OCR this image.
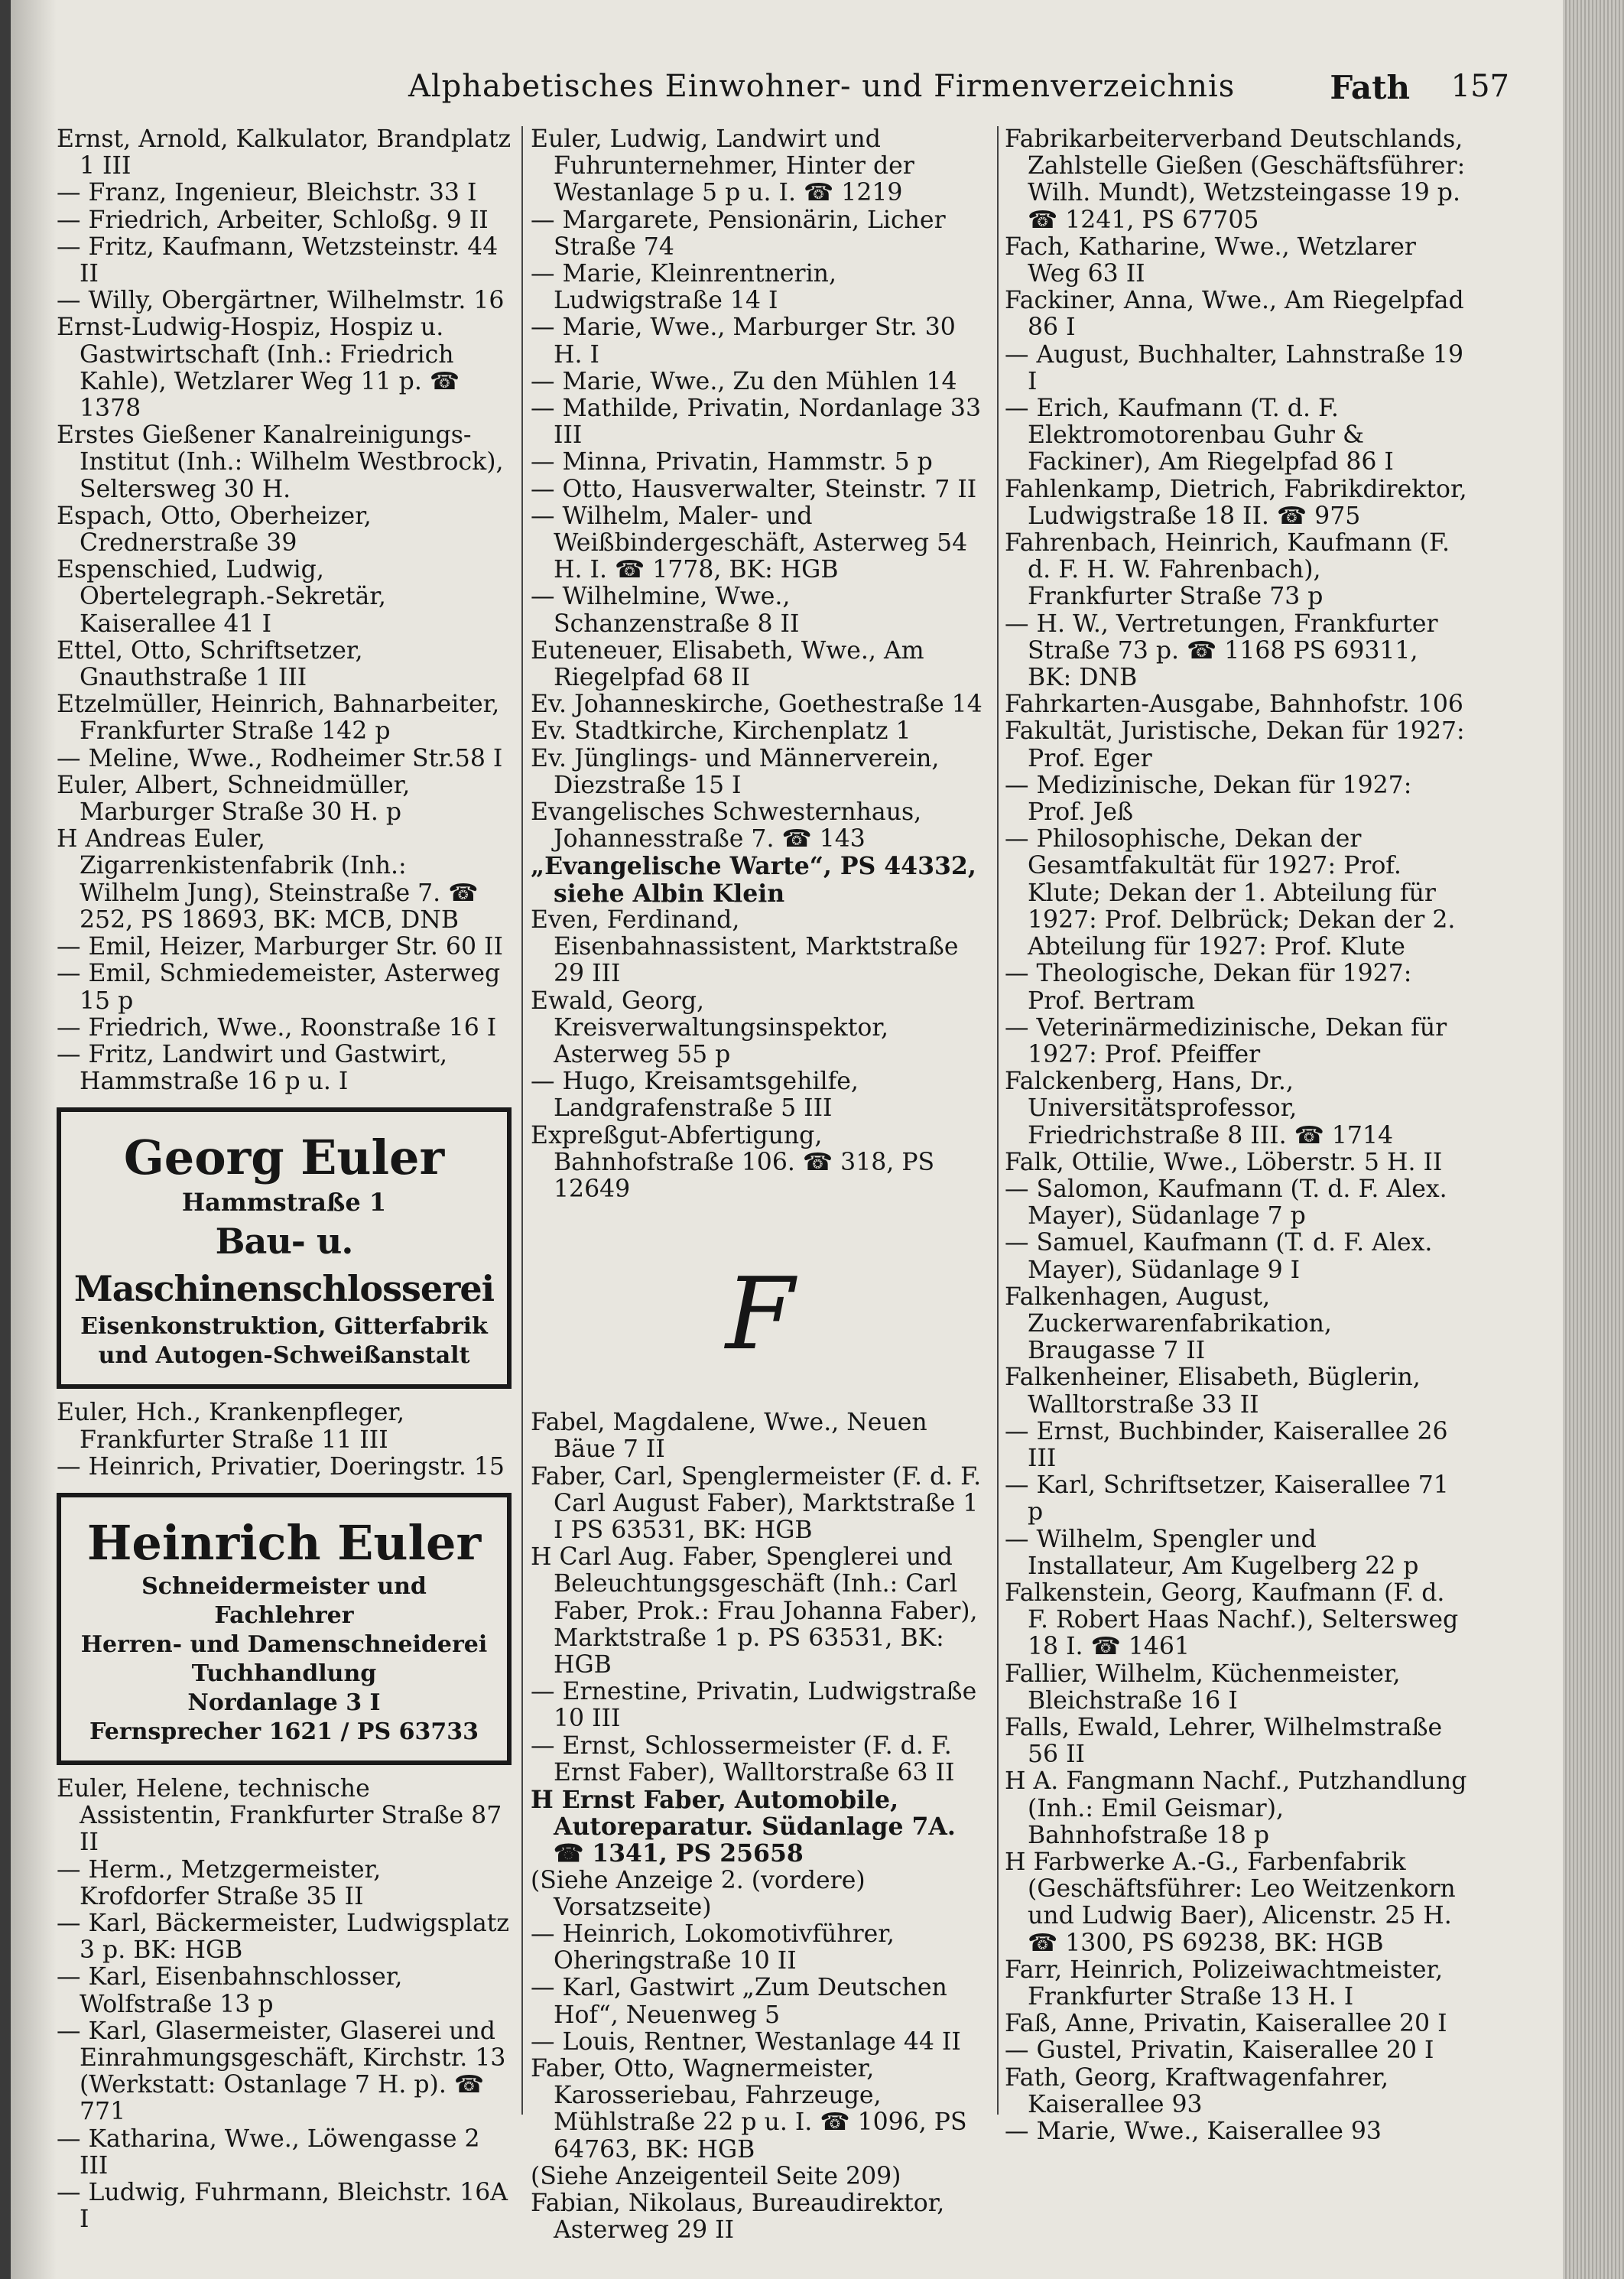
Alphabetisches Einwohner- und Firmenverzeichnis	Fath 157

Ernst, Arnold, Kalkulator, Brandplatz 1 III

— Franz, Ingenieur, Bleichstr. 33 I

— Friedrich, Arbeiter, Schloßg. 9 II

— Fritz, Kaufmann, Wetzsteinstr. 44 II

— Willy, Obergärtner, Wilhelmstr. 16

Ernst-Ludwig-Hospiz, Hospiz u. Gastwirtschaft (Inh.: Friedrich Kahle), Wetzlarer Weg 11 p. ☎ 1378

Erstes Gießener Kanalreinigungs-Institut (Inh.: Wilhelm Westbrock), Seltersweg 30 H.

Espach, Otto, Oberheizer, Crednerstraße 39

Espenschied, Ludwig, Obertelegraph.-Sekretär, Kaiserallee 41 I

Ettel, Otto, Schriftsetzer, Gnauthstraße 1 III

Etzelmüller, Heinrich, Bahnarbeiter, Frankfurter Straße 142 p

— Meline, Wwe., Rodheimer Str.58 I

Euler, Albert, Schneidmüller, Marburger Straße 30 H. p

H Andreas Euler, Zigarrenkistenfabrik (Inh.: Wilhelm Jung), Steinstraße 7. ☎ 252, PS 18693, BK: MCB, DNB

— Emil, Heizer, Marburger Str. 60 II

— Emil, Schmiedemeister, Asterweg 15 p

— Friedrich, Wwe., Roonstraße 16 I

— Fritz, Landwirt und Gastwirt, Hammstraße 16 p u. I

Georg Euler
Hammstraße 1
Bau- u. Maschinenschlosserei
Eisenkonstruktion, Gitterfabrik
und Autogen-Schweißanstalt

Euler, Hch., Krankenpfleger, Frankfurter Straße 11 III

— Heinrich, Privatier, Doeringstr. 15

Heinrich Euler
Schneidermeister und Fachlehrer
Herren- und Damenschneiderei
Tuchhandlung
Nordanlage 3 I
Fernsprecher 1621 / PS 63733

Euler, Helene, technische Assistentin, Frankfurter Straße 87 II

— Herm., Metzgermeister, Krofdorfer Straße 35 II

— Karl, Bäckermeister, Ludwigsplatz 3 p. BK: HGB

— Karl, Eisenbahnschlosser, Wolfstraße 13 p

— Karl, Glasermeister, Glaserei und Einrahmungsgeschäft, Kirchstr. 13 (Werkstatt: Ostanlage 7 H. p). ☎ 771

— Katharina, Wwe., Löwengasse 2 III

— Ludwig, Fuhrmann, Bleichstr. 16A I

Euler, Ludwig, Landwirt und Fuhrunternehmer, Hinter der Westanlage 5 p u. I. ☎ 1219

— Margarete, Pensionärin, Licher Straße 74

— Marie, Kleinrentnerin, Ludwigstraße 14 I

— Marie, Wwe., Marburger Str. 30 H. I

— Marie, Wwe., Zu den Mühlen 14

— Mathilde, Privatin, Nordanlage 33 III

— Minna, Privatin, Hammstr. 5 p

— Otto, Hausverwalter, Steinstr. 7 II

— Wilhelm, Maler- und Weißbindergeschäft, Asterweg 54 H. I. ☎ 1778, BK: HGB

— Wilhelmine, Wwe., Schanzenstraße 8 II

Euteneuer, Elisabeth, Wwe., Am Riegelpfad 68 II

Ev. Johanneskirche, Goethestraße 14

Ev. Stadtkirche, Kirchenplatz 1

Ev. Jünglings- und Männerverein, Diezstraße 15 I

Evangelisches Schwesternhaus, Johannesstraße 7. ☎ 143

„Evangelische Warte“, PS 44332, siehe Albin Klein

Even, Ferdinand, Eisenbahnassistent, Marktstraße 29 III

Ewald, Georg, Kreisverwaltungsinspektor, Asterweg 55 p

— Hugo, Kreisamtsgehilfe, Landgrafenstraße 5 III

Expreßgut-Abfertigung, Bahnhofstraße 106. ☎ 318, PS 12649

F

Fabel, Magdalene, Wwe., Neuen Bäue 7 II

Faber, Carl, Spenglermeister (F. d. F. Carl August Faber), Marktstraße 1 I PS 63531, BK: HGB

H Carl Aug. Faber, Spenglerei und Beleuchtungsgeschäft (Inh.: Carl Faber, Prok.: Frau Johanna Faber), Marktstraße 1 p. PS 63531, BK: HGB

— Ernestine, Privatin, Ludwigstraße 10 III

— Ernst, Schlossermeister (F. d. F. Ernst Faber), Walltorstraße 63 II

H Ernst Faber, Automobile, Autoreparatur. Südanlage 7A. ☎ 1341, PS 25658

(Siehe Anzeige 2. (vordere) Vorsatzseite)

— Heinrich, Lokomotivführer, Oheringstraße 10 II

— Karl, Gastwirt „Zum Deutschen Hof“, Neuenweg 5

— Louis, Rentner, Westanlage 44 II

Faber, Otto, Wagnermeister, Karosseriebau, Fahrzeuge, Mühlstraße 22 p u. I. ☎ 1096, PS 64763, BK: HGB

(Siehe Anzeigenteil Seite 209)

Fabian, Nikolaus, Bureaudirektor, Asterweg 29 II

Fabrikarbeiterverband Deutschlands, Zahlstelle Gießen (Geschäftsführer: Wilh. Mundt), Wetzsteingasse 19 p. ☎ 1241, PS 67705

Fach, Katharine, Wwe., Wetzlarer Weg 63 II

Fackiner, Anna, Wwe., Am Riegelpfad 86 I

— August, Buchhalter, Lahnstraße 19 I

— Erich, Kaufmann (T. d. F. Elektromotorenbau Guhr & Fackiner), Am Riegelpfad 86 I

Fahlenkamp, Dietrich, Fabrikdirektor, Ludwigstraße 18 II. ☎ 975

Fahrenbach, Heinrich, Kaufmann (F. d. F. H. W. Fahrenbach), Frankfurter Straße 73 p

— H. W., Vertretungen, Frankfurter Straße 73 p. ☎ 1168 PS 69311, BK: DNB

Fahrkarten-Ausgabe, Bahnhofstr. 106

Fakultät, Juristische, Dekan für 1927: Prof. Eger

— Medizinische, Dekan für 1927: Prof. Jeß

— Philosophische, Dekan der Gesamtfakultät für 1927: Prof. Klute; Dekan der 1. Abteilung für 1927: Prof. Delbrück; Dekan der 2. Abteilung für 1927: Prof. Klute

— Theologische, Dekan für 1927: Prof. Bertram

— Veterinärmedizinische, Dekan für 1927: Prof. Pfeiffer

Falckenberg, Hans, Dr., Universitätsprofessor, Friedrichstraße 8 III. ☎ 1714

Falk, Ottilie, Wwe., Löberstr. 5 H. II

— Salomon, Kaufmann (T. d. F. Alex. Mayer), Südanlage 7 p

— Samuel, Kaufmann (T. d. F. Alex. Mayer), Südanlage 9 I

Falkenhagen, August, Zuckerwarenfabrikation, Braugasse 7 II

Falkenheiner, Elisabeth, Büglerin, Walltorstraße 33 II

— Ernst, Buchbinder, Kaiserallee 26 III

— Karl, Schriftsetzer, Kaiserallee 71 p

— Wilhelm, Spengler und Installateur, Am Kugelberg 22 p

Falkenstein, Georg, Kaufmann (F. d. F. Robert Haas Nachf.), Seltersweg 18 I. ☎ 1461

Fallier, Wilhelm, Küchenmeister, Bleichstraße 16 I

Falls, Ewald, Lehrer, Wilhelmstraße 56 II

H A. Fangmann Nachf., Putzhandlung (Inh.: Emil Geismar), Bahnhofstraße 18 p

H Farbwerke A.-G., Farbenfabrik (Geschäftsführer: Leo Weitzenkorn und Ludwig Baer), Alicenstr. 25 H. ☎ 1300, PS 69238, BK: HGB

Farr, Heinrich, Polizeiwachtmeister, Frankfurter Straße 13 H. I

Faß, Anne, Privatin, Kaiserallee 20 I

— Gustel, Privatin, Kaiserallee 20 I

Fath, Georg, Kraftwagenfahrer, Kaiserallee 93

— Marie, Wwe., Kaiserallee 93
